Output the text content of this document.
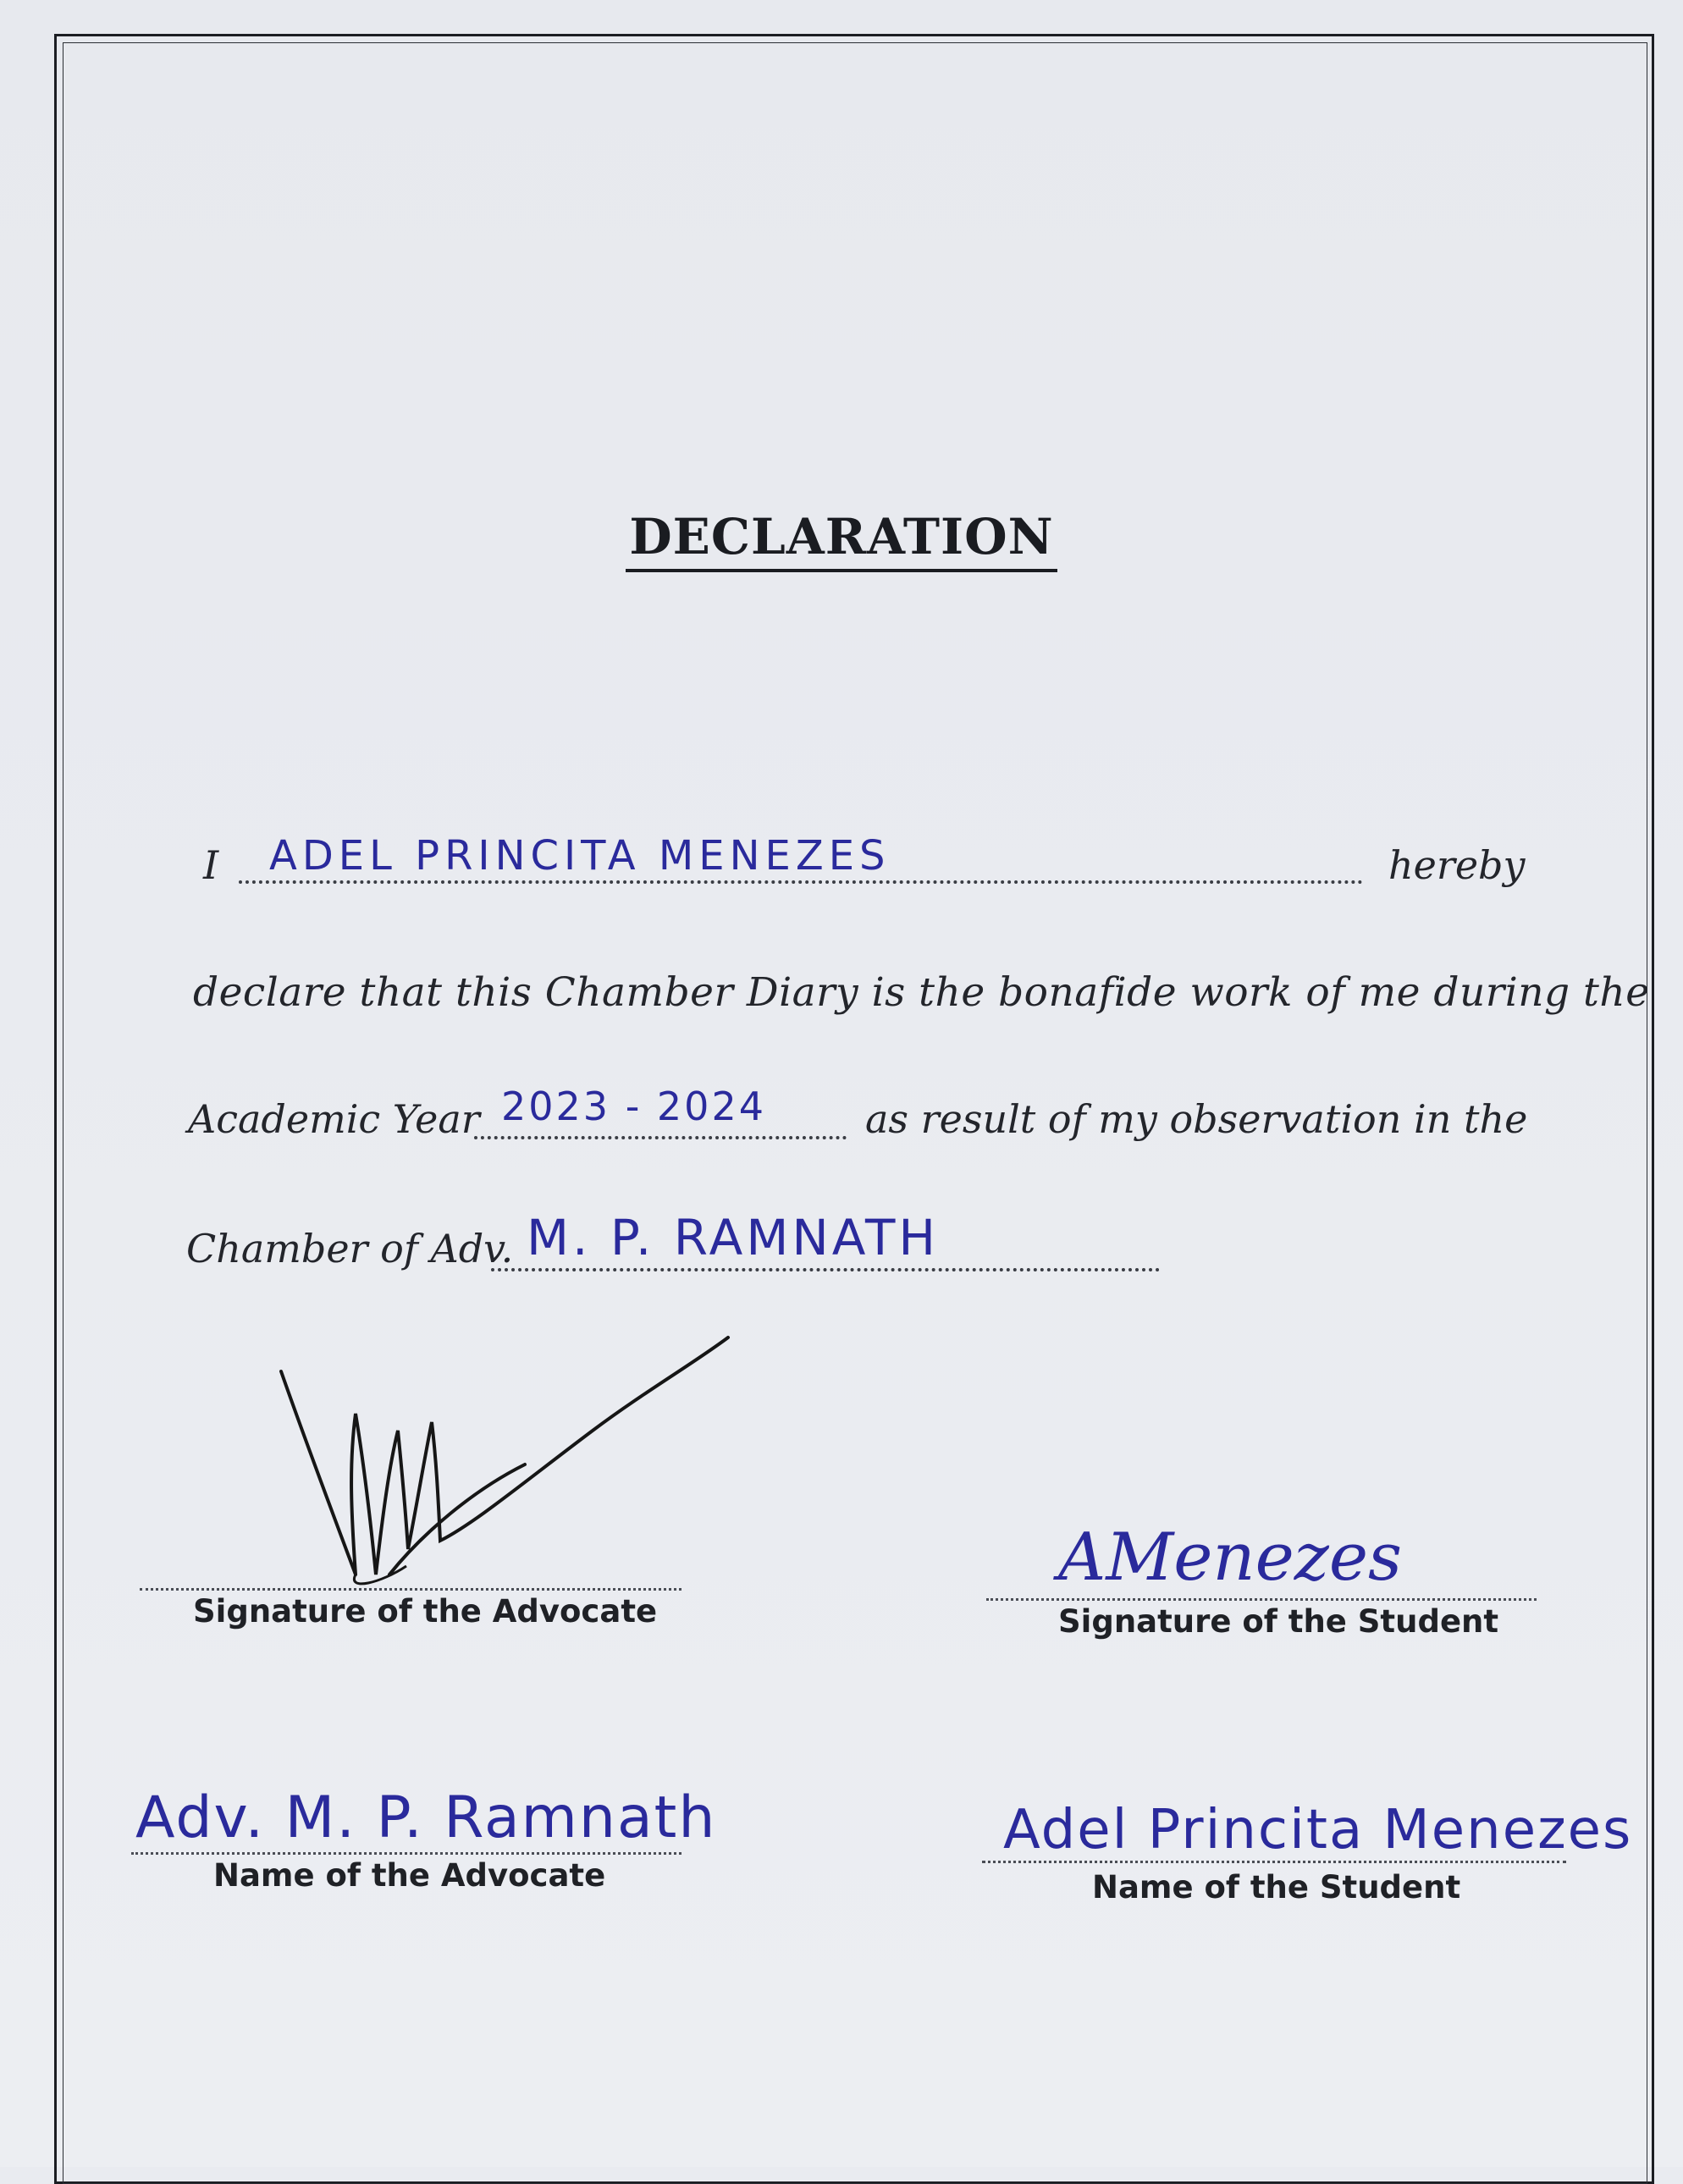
DECLARATION
I ADEL PRINCITA MENEZES	hereby
declare that this Chamber Diary is the bonafide work of me during the
Academic Year 2023 - 2024	as result of my observation in the
Chamber of Adv. M. P. RAMNATH
Signature of the Advocate
AMenezes
Signature of the Student
Adv. M. P. Ramnath
Name of the Advocate
Adel Princita Menezes
Name of the Student
